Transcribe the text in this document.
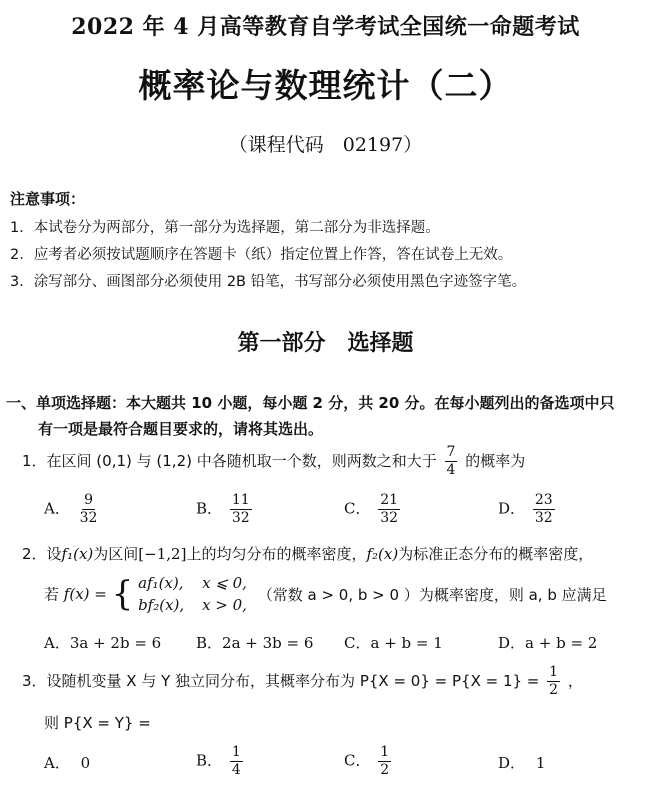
2022 年 4 月高等教育自学考试全国统一命题考试
概率论与数理统计（二）
（课程代码　02197）
注意事项：
1．本试卷分为两部分，第一部分为选择题，第二部分为非选择题。
2．应考者必须按试题顺序在答题卡（纸）指定位置上作答，答在试卷上无效。
3．涂写部分、画图部分必须使用 2B 铅笔，书写部分必须使用黑色字迹签字笔。
第一部分　选择题
一、单项选择题：本大题共 10 小题，每小题 2 分，共 20 分。在每小题列出的备选项中只
有一项是最符合题目要求的，请将其选出。
1．在区间 (0,1) 与 (1,2) 中各随机取一个数，则两数之和大于 $\frac{7}{4}$ 的概率为
A． $\frac{9}{32}$	B． $\frac{11}{32}$	C． $\frac{21}{32}$	D． $\frac{23}{32}$
2．设f₁(x)为区间[−1,2]上的均匀分布的概率密度，f₂(x)为标准正态分布的概率密度，
若 f(x) = { af₁(x), x ⩽ 0,
bf₂(x), x > 0,
（常数 a > 0, b > 0 ）为概率密度，则 a, b 应满足
A．3a + 2b = 6 B．2a + 3b = 6 C．a + b = 1	D．a + b = 2
3．设随机变量 X 与 Y 独立同分布，其概率分布为 $P\{X = 0\} = P\{X = 1\} = \frac{1}{2}$ ，
则 P{X = Y} =
A． 0	B． $\frac{1}{4}$	C． $\frac{1}{2}$	D． 1
